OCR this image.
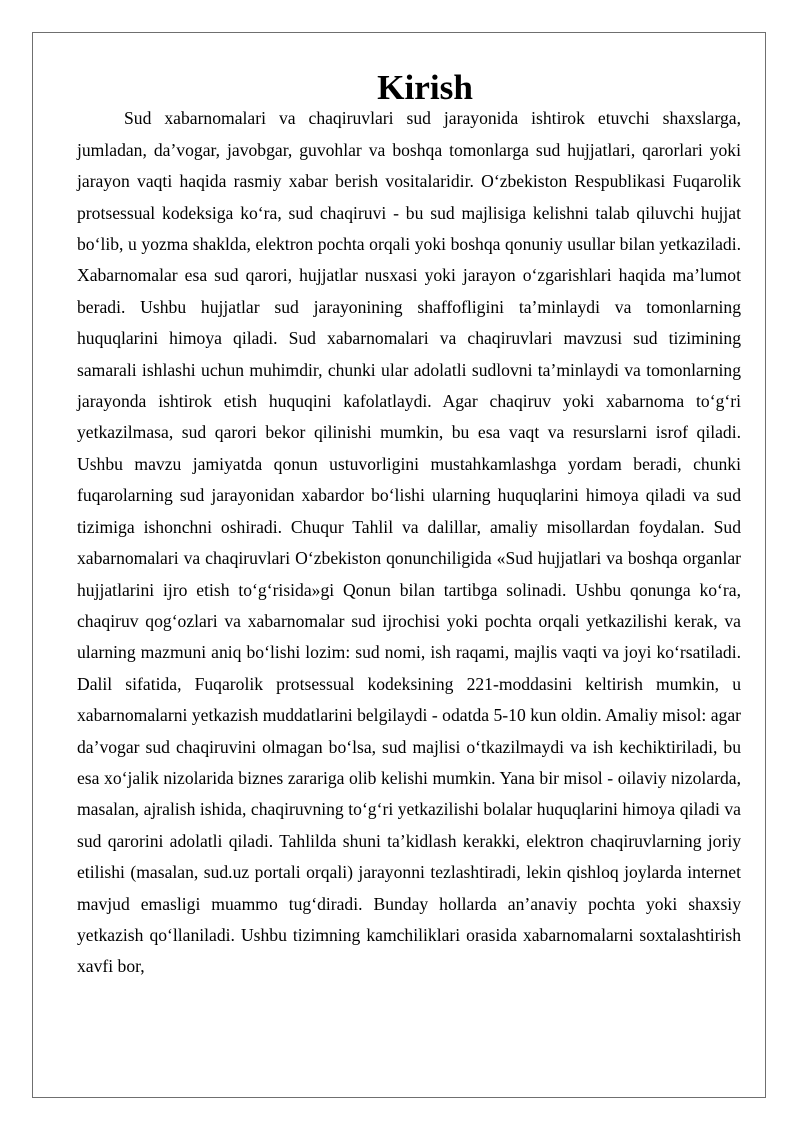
Kirish

Sud xabarnomalari va chaqiruvlari sud jarayonida ishtirok etuvchi shaxslarga, jumladan, da’vogar, javobgar, guvohlar va boshqa tomonlarga sud hujjatlari, qarorlari yoki jarayon vaqti haqida rasmiy xabar berish vositalaridir. O‘zbekiston Respublikasi Fuqarolik protsessual kodeksiga ko‘ra, sud chaqiruvi - bu sud majlisiga kelishni talab qiluvchi hujjat bo‘lib, u yozma shaklda, elektron pochta orqali yoki boshqa qonuniy usullar bilan yetkaziladi. Xabarnomalar esa sud qarori, hujjatlar nusxasi yoki jarayon o‘zgarishlari haqida ma’lumot beradi. Ushbu hujjatlar sud jarayonining shaffofligini ta’minlaydi va tomonlarning huquqlarini himoya qiladi. Sud xabarnomalari va chaqiruvlari mavzusi sud tizimining samarali ishlashi uchun muhimdir, chunki ular adolatli sudlovni ta’minlaydi va tomonlarning jarayonda ishtirok etish huquqini kafolatlaydi. Agar chaqiruv yoki xabarnoma to‘g‘ri yetkazilmasa, sud qarori bekor qilinishi mumkin, bu esa vaqt va resurslarni isrof qiladi. Ushbu mavzu jamiyatda qonun ustuvorligini mustahkamlashga yordam beradi, chunki fuqarolarning sud jarayonidan xabardor bo‘lishi ularning huquqlarini himoya qiladi va sud tizimiga ishonchni oshiradi. Chuqur Tahlil va dalillar, amaliy misollardan foydalan. Sud xabarnomalari va chaqiruvlari O‘zbekiston qonunchiligida «Sud hujjatlari va boshqa organlar hujjatlarini ijro etish to‘g‘risida»gi Qonun bilan tartibga solinadi. Ushbu qonunga ko‘ra, chaqiruv qog‘ozlari va xabarnomalar sud ijrochisi yoki pochta orqali yetkazilishi kerak, va ularning mazmuni aniq bo‘lishi lozim: sud nomi, ish raqami, majlis vaqti va joyi ko‘rsatiladi. Dalil sifatida, Fuqarolik protsessual kodeksining 221-moddasini keltirish mumkin, u xabarnomalarni yetkazish muddatlarini belgilaydi - odatda 5-10 kun oldin. Amaliy misol: agar da’vogar sud chaqiruvini olmagan bo‘lsa, sud majlisi o‘tkazilmaydi va ish kechiktiriladi, bu esa xo‘jalik nizolarida biznes zarariga olib kelishi mumkin. Yana bir misol - oilaviy nizolarda, masalan, ajralish ishida, chaqiruvning to‘g‘ri yetkazilishi bolalar huquqlarini himoya qiladi va sud qarorini adolatli qiladi. Tahlilda shuni ta’kidlash kerakki, elektron chaqiruvlarning joriy etilishi (masalan, sud.uz portali orqali) jarayonni tezlashtiradi, lekin qishloq joylarda internet mavjud emasligi muammo tug‘diradi. Bunday hollarda an’anaviy pochta yoki shaxsiy yetkazish qo‘llaniladi. Ushbu tizimning kamchiliklari orasida xabarnomalarni soxtalashtirish xavfi bor,
